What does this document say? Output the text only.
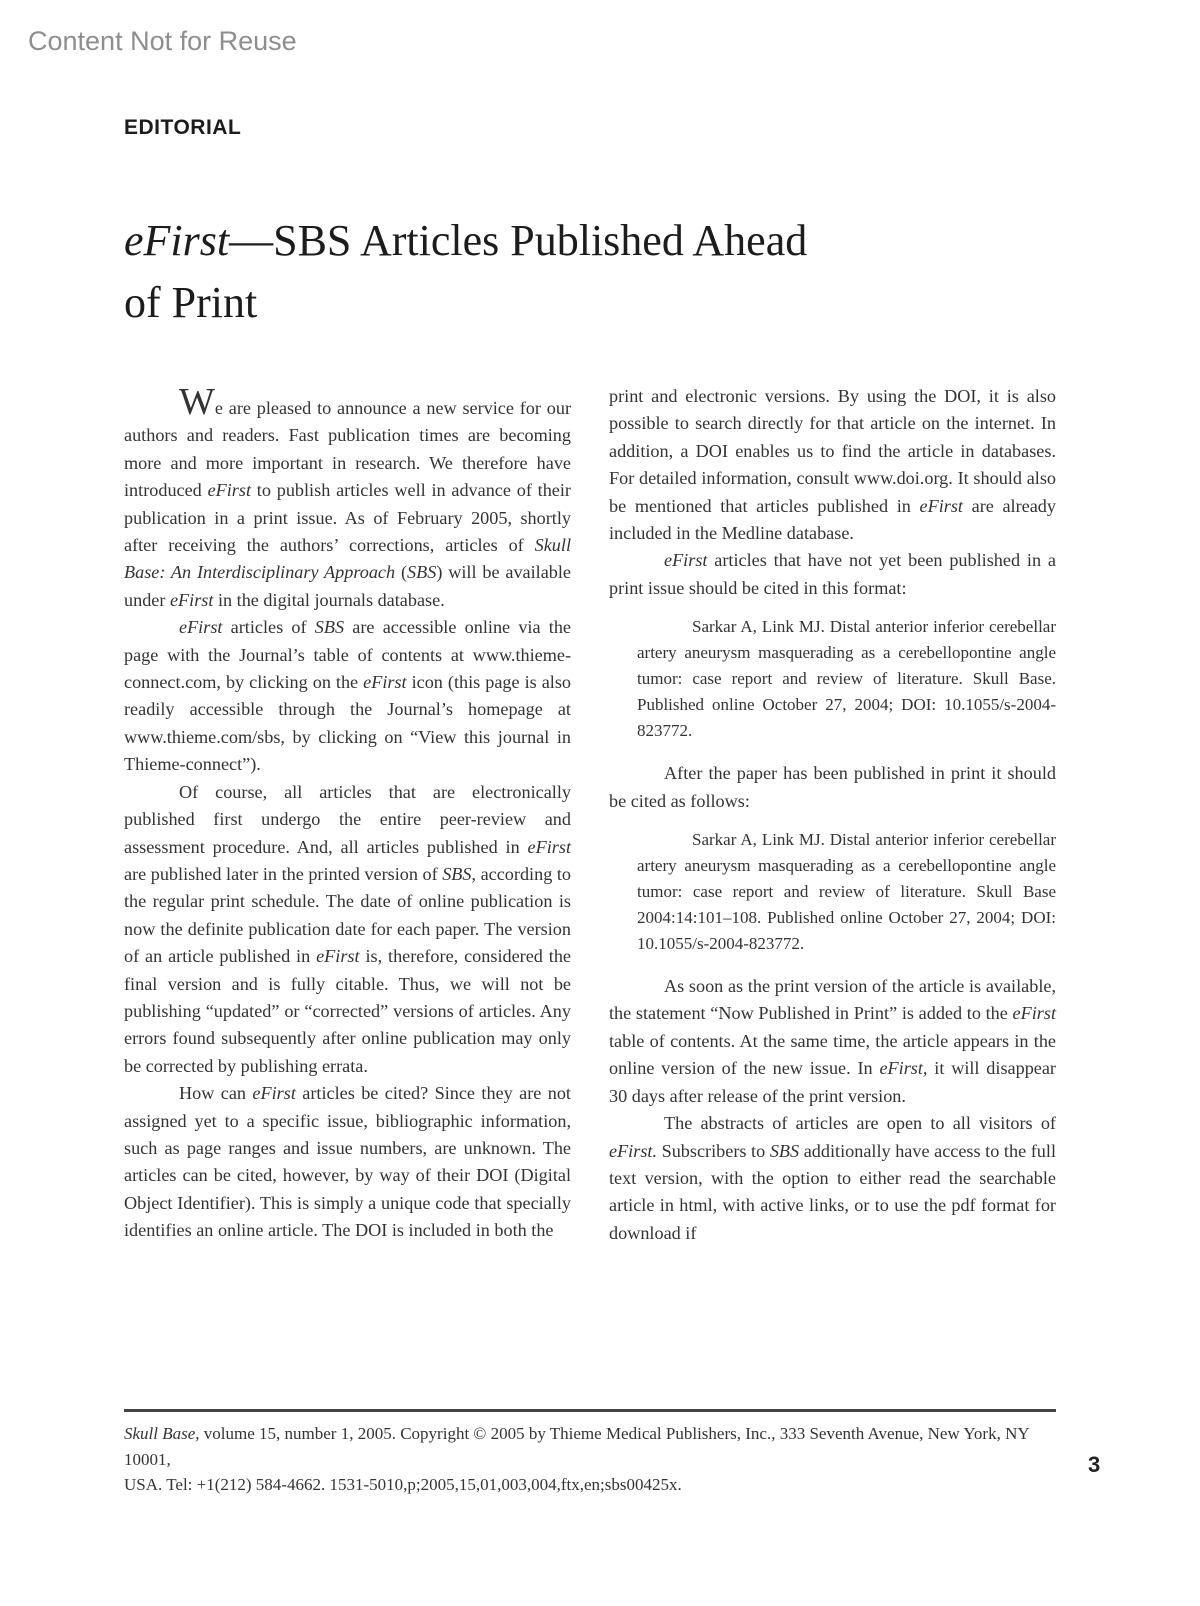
Content Not for Reuse
EDITORIAL
eFirst—SBS Articles Published Ahead
of Print

We are pleased to announce a new service for our authors and readers. Fast publication times are becoming more and more important in research. We therefore have introduced eFirst to publish articles well in advance of their publication in a print issue. As of February 2005, shortly after receiving the authors’ corrections, articles of Skull Base: An Interdisciplinary Approach (SBS) will be available under eFirst in the digital journals database.

eFirst articles of SBS are accessible online via the page with the Journal’s table of contents at www.thieme-connect.com, by clicking on the eFirst icon (this page is also readily accessible through the Journal’s homepage at www.thieme.com/sbs, by clicking on “View this journal in Thieme-connect”).

Of course, all articles that are electronically published first undergo the entire peer-review and assessment procedure. And, all articles published in eFirst are published later in the printed version of SBS, according to the regular print schedule. The date of online publication is now the definite publication date for each paper. The version of an article published in eFirst is, therefore, considered the final version and is fully citable. Thus, we will not be publishing “updated” or “corrected” versions of articles. Any errors found subsequently after online publication may only be corrected by publishing errata.

How can eFirst articles be cited? Since they are not assigned yet to a specific issue, bibliographic information, such as page ranges and issue numbers, are unknown. The articles can be cited, however, by way of their DOI (Digital Object Identifier). This is simply a unique code that specially identifies an online article. The DOI is included in both the

print and electronic versions. By using the DOI, it is also possible to search directly for that article on the internet. In addition, a DOI enables us to find the article in databases. For detailed information, consult www.doi.org. It should also be mentioned that articles published in eFirst are already included in the Medline database.

eFirst articles that have not yet been published in a print issue should be cited in this format:

Sarkar A, Link MJ. Distal anterior inferior cerebellar artery aneurysm masquerading as a cerebellopontine angle tumor: case report and review of literature. Skull Base. Published online October 27, 2004; DOI: 10.1055/s-2004-823772.

After the paper has been published in print it should be cited as follows:

Sarkar A, Link MJ. Distal anterior inferior cerebellar artery aneurysm masquerading as a cerebellopontine angle tumor: case report and review of literature. Skull Base 2004:14:101–108. Published online October 27, 2004; DOI: 10.1055/s-2004-823772.

As soon as the print version of the article is available, the statement “Now Published in Print” is added to the eFirst table of contents. At the same time, the article appears in the online version of the new issue. In eFirst, it will disappear 30 days after release of the print version.

The abstracts of articles are open to all visitors of eFirst. Subscribers to SBS additionally have access to the full text version, with the option to either read the searchable article in html, with active links, or to use the pdf format for download if

Skull Base, volume 15, number 1, 2005. Copyright © 2005 by Thieme Medical Publishers, Inc., 333 Seventh Avenue, New York, NY 10001,
USA. Tel: +1(212) 584-4662. 1531-5010,p;2005,15,01,003,004,ftx,en;sbs00425x.
3
